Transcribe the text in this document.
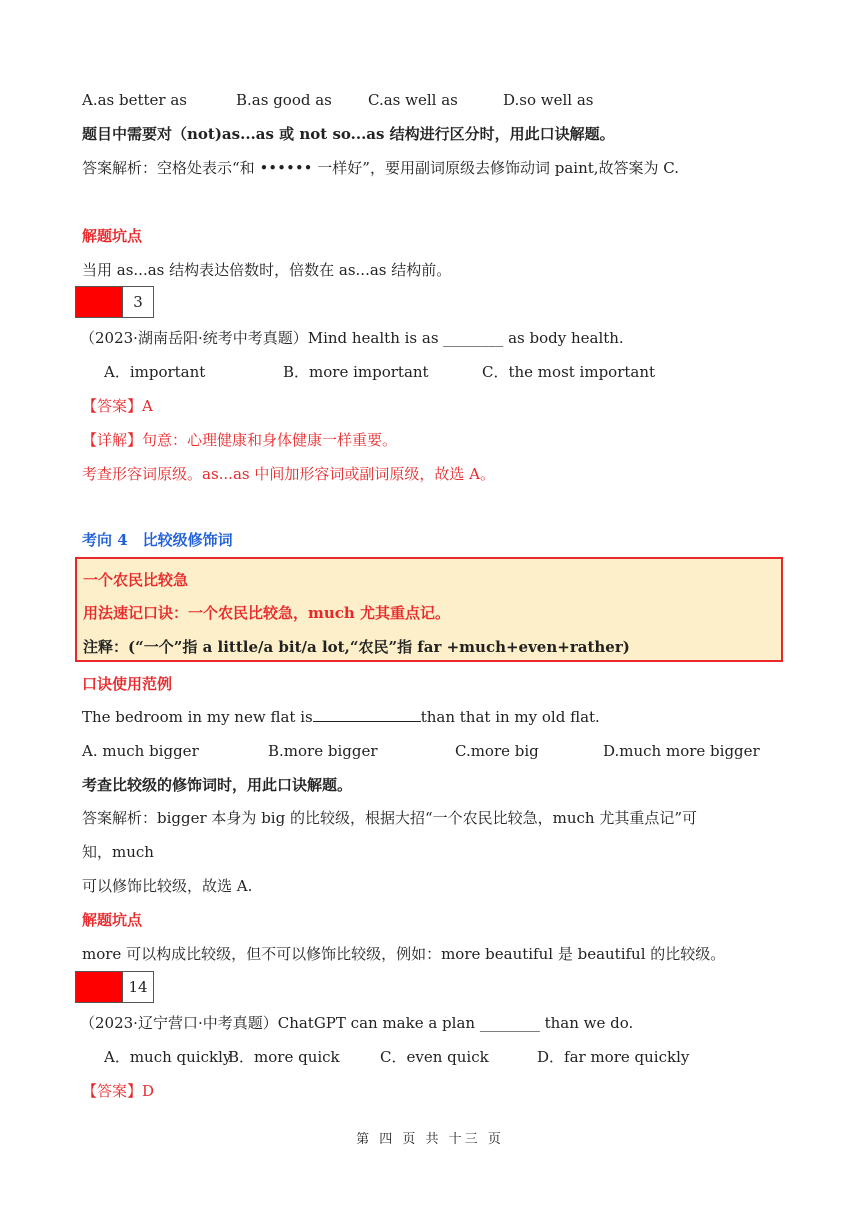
A.as better as	B.as good as C.as well as	D.so well as
题目中需要对（not)as...as 或 not so...as 结构进行区分时，用此口诀解题。
答案解析：空格处表示“和 •••••• 一样好”，要用副词原级去修饰动词 paint,故答案为 C.
解题坑点
当用 as...as 结构表达倍数时，倍数在 as...as 结构前。
3
（2023·湖南岳阳·统考中考真题）Mind health is as ________ as body health.
A．important	B．more important	C．the most important
【答案】A
【详解】句意：心理健康和身体健康一样重要。
考查形容词原级。as...as 中间加形容词或副词原级，故选 A。
考向 4　比较级修饰词
一个农民比较急
用法速记口诀：一个农民比较急，much 尤其重点记。
注释：(“一个”指 a little/a bit/a lot,“农民”指 far +much+even+rather)
口诀使用范例
The bedroom in my new flat is	than that in my old flat.
A. much bigger	B.more bigger	C.more big	D.much more bigger
考查比较级的修饰词时，用此口诀解题。
答案解析：bigger 本身为 big 的比较级，根据大招“一个农民比较急，much 尤其重点记”可
知，much
可以修饰比较级，故选 A.
解题坑点
more 可以构成比较级，但不可以修饰比较级，例如：more beautiful 是 beautiful 的比较级。
14
（2023·辽宁营口·中考真题）ChatGPT can make a plan ________ than we do.
A．much quickly
B．more quick	C．even quick	D．far more quickly
【答案】D
第 四 页 共 十三 页
